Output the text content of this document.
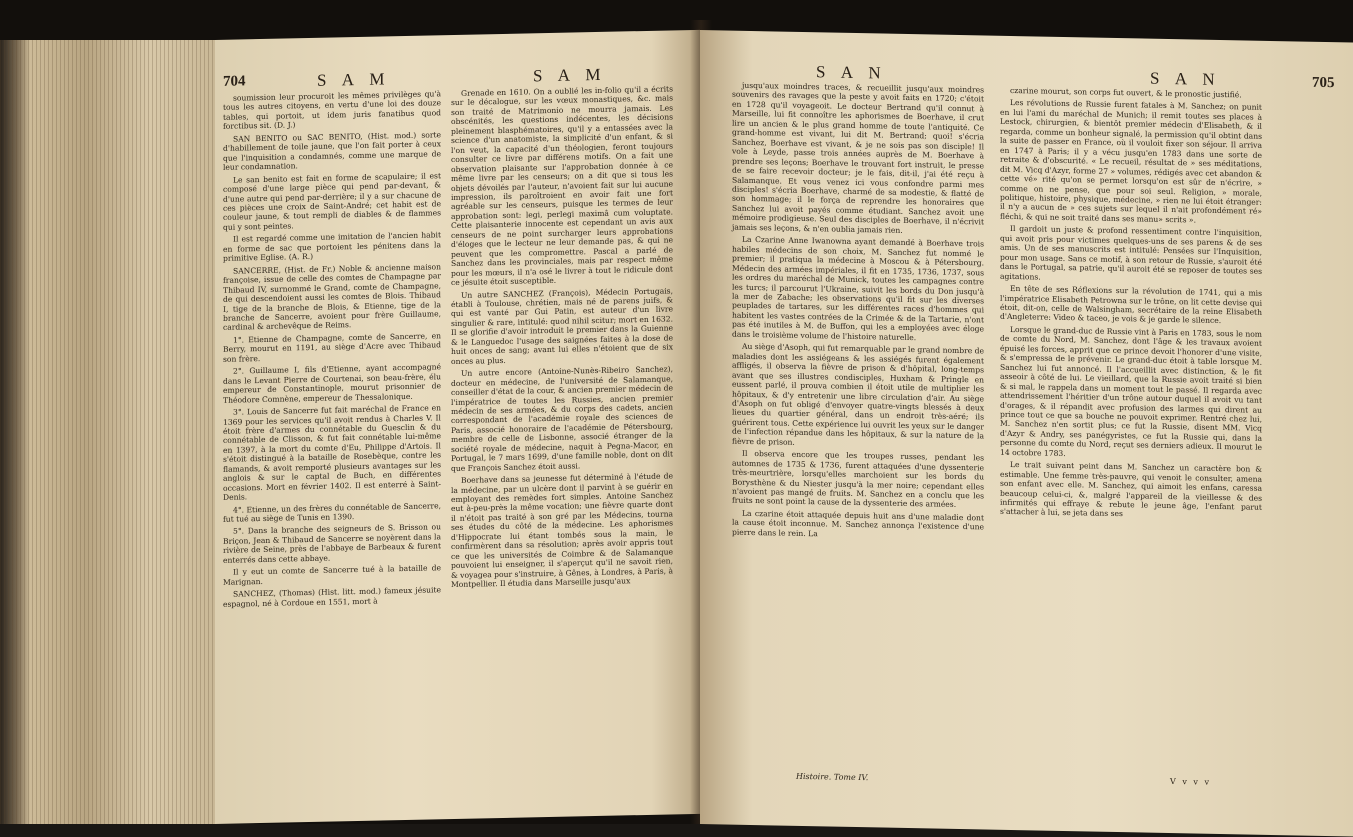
704	S A M	S A M

soumission leur procuroit les mêmes privilèges qu'à tous les autres citoyens, en vertu d'une loi des douze tables, qui portoit, ut idem juris fanatibus quod forctibus sit. (D. J.)

SAN BENITO ou SAC BENITO, (Hist. mod.) sorte d'habillement de toile jaune, que l'on fait porter à ceux que l'inquisition a condamnés, comme une marque de leur condamnation.

Le san benito est fait en forme de scapulaire; il est composé d'une large pièce qui pend par-devant, & d'une autre qui pend par-derrière; il y a sur chacune de ces pièces une croix de Saint-André; cet habit est de couleur jaune, & tout rempli de diables & de flammes qui y sont peintes.

Il est regardé comme une imitation de l'ancien habit en forme de sac que portoient les pénitens dans la primitive Eglise. (A. R.)

SANCERRE, (Hist. de Fr.) Noble & ancienne maison françoise, issue de celle des comtes de Champagne par Thibaud IV, surnommé le Grand, comte de Champagne, de qui descendoient aussi les comtes de Blois. Thibaud I, tige de la branche de Blois, & Etienne, tige de la branche de Sancerre, avoient pour frère Guillaume, cardinal & archevêque de Reims.

1°. Etienne de Champagne, comte de Sancerre, en Berry, mourut en 1191, au siège d'Acre avec Thibaud son frère.

2°. Guillaume I, fils d'Etienne, ayant accompagné dans le Levant Pierre de Courtenai, son beau-frère, élu empereur de Constantinople, mourut prisonnier de Théodore Comnène, empereur de Thessalonique.

3°. Louis de Sancerre fut fait maréchal de France en 1369 pour les services qu'il avoit rendus à Charles V. Il étoit frère d'armes du connétable du Guesclin & du connétable de Clisson, & fut fait connétable lui-même en 1397, à la mort du comte d'Eu, Philippe d'Artois. Il s'étoit distingué à la bataille de Rosebèque, contre les flamands, & avoit remporté plusieurs avantages sur les anglois & sur le captal de Buch, en différentes occasions. Mort en février 1402. Il est enterré à Saint-Denis.

4°. Etienne, un des frères du connétable de Sancerre, fut tué au siège de Tunis en 1390.

5°. Dans la branche des seigneurs de S. Brisson ou Briçon, Jean & Thibaud de Sancerre se noyèrent dans la rivière de Seine, près de l'abbaye de Barbeaux & furent enterrés dans cette abbaye.

Il y eut un comte de Sancerre tué à la bataille de Marignan.

SANCHEZ, (Thomas) (Hist. litt. mod.) fameux jésuite espagnol, né à Cordoue en 1551, mort à

Grenade en 1610. On a oublié les in-folio qu'il a écrits sur le décalogue, sur les vœux monastiques, &c. mais son traité de Matrimonio ne mourra jamais. Les obscénités, les questions indécentes, les décisions pleinement blasphématoires, qu'il y a entassées avec la science d'un anatomiste, la simplicité d'un enfant, & si l'on veut, la capacité d'un théologien, feront toujours consulter ce livre par différens motifs. On a fait une observation plaisante sur l'approbation donnée à ce même livre par les censeurs; on a dit que si tous les objets dévoilés par l'auteur, n'avoient fait sur lui aucune impression, ils paroîtroient en avoir fait une fort agréable sur les censeurs, puisque les termes de leur approbation sont: legi, perlegi maximâ cum voluptate. Cette plaisanterie innocente est cependant un avis aux censeurs de ne point surcharger leurs approbations d'éloges que le lecteur ne leur demande pas, & qui ne peuvent que les compromettre. Pascal a parlé de Sanchez dans les provinciales, mais par respect même pour les mœurs, il n'a osé le livrer à tout le ridicule dont ce jésuite étoit susceptible.

Un autre SANCHEZ (François), Médecin Portugais, établi à Toulouse, chrétien, mais né de parens juifs, & qui est vanté par Gui Patin, est auteur d'un livre singulier & rare, intitulé: quod nihil scitur; mort en 1632. Il se glorifie d'avoir introduit le premier dans la Guienne & le Languedoc l'usage des saignées faites à la dose de huit onces de sang; avant lui elles n'étoient que de six onces au plus.

Un autre encore (Antoine-Nunès-Ribeiro Sanchez), docteur en médecine, de l'université de Salamanque, conseiller d'état de la cour, & ancien premier médecin de l'impératrice de toutes les Russies, ancien premier médecin de ses armées, & du corps des cadets, ancien correspondant de l'académie royale des sciences de Paris, associé honoraire de l'académie de Pétersbourg, membre de celle de Lisbonne, associé étranger de la société royale de médecine, naquit à Pegna-Macor, en Portugal, le 7 mars 1699, d'une famille noble, dont on dit que François Sanchez étoit aussi.

Boerhave dans sa jeunesse fut déterminé à l'étude de la médecine, par un ulcère dont il parvint à se guérir en employant des remèdes fort simples. Antoine Sanchez eut à-peu-près la même vocation; une fièvre quarte dont il n'étoit pas traité à son gré par les Médecins, tourna ses études du côté de la médecine. Les aphorismes d'Hippocrate lui étant tombés sous la main, le confirmèrent dans sa résolution; après avoir appris tout ce que les universités de Coimbre & de Salamanque pouvoient lui enseigner, il s'aperçut qu'il ne savoit rien, & voyagea pour s'instruire, à Gênes, à Londres, à Paris, à Montpellier. Il étudia dans Marseille jusqu'aux

S A N	S A N	705

jusqu'aux moindres traces, & recueillit jusqu'aux moindres souvenirs des ravages que la peste y avoit faits en 1720; c'étoit en 1728 qu'il voyageoit. Le docteur Bertrand qu'il connut à Marseille, lui fit connoître les aphorismes de Boerhave, il crut lire un ancien & le plus grand homme de toute l'antiquité. Ce grand-homme est vivant, lui dit M. Bertrand; quoi! s'écria Sanchez, Boerhave est vivant, & je ne sois pas son disciple! Il vole à Leyde, passe trois années auprès de M. Boerhave à prendre ses leçons; Boerhave le trouvant fort instruit, le presse de se faire recevoir docteur; je le fais, dit-il, j'ai été reçu à Salamanque. Et vous venez ici vous confondre parmi mes disciples! s'écria Boerhave, charmé de sa modestie, & flatté de son hommage; il le força de reprendre les honoraires que Sanchez lui avoit payés comme étudiant. Sanchez avoit une mémoire prodigieuse. Seul des disciples de Boerhave, il n'écrivit jamais ses leçons, & n'en oublia jamais rien.

La Czarine Anne Iwanowna ayant demandé à Boerhave trois habiles médecins de son choix, M. Sanchez fut nommé le premier; il pratiqua la médecine à Moscou & à Pétersbourg. Médecin des armées impériales, il fit en 1735, 1736, 1737, sous les ordres du maréchal de Munick, toutes les campagnes contre les turcs; il parcourut l'Ukraine, suivit les bords du Don jusqu'à la mer de Zabache; les observations qu'il fit sur les diverses peuplades de tartares, sur les différentes races d'hommes qui habitent les vastes contrées de la Crimée & de la Tartarie, n'ont pas été inutiles à M. de Buffon, qui les a employées avec éloge dans le troisième volume de l'histoire naturelle.

Au siège d'Asoph, qui fut remarquable par le grand nombre de maladies dont les assiégeans & les assiégés furent également affligés, il observa la fièvre de prison & d'hôpital, long-temps avant que ses illustres condisciples, Huxham & Pringle en eussent parlé, il prouva combien il étoit utile de multiplier les hôpitaux, & d'y entretenir une libre circulation d'air. Au siège d'Asoph on fut obligé d'envoyer quatre-vingts blessés à deux lieues du quartier général, dans un endroit très-aéré; ils guérirent tous. Cette expérience lui ouvrit les yeux sur le danger de l'infection répandue dans les hôpitaux, & sur la nature de la fièvre de prison.

Il observa encore que les troupes russes, pendant les automnes de 1735 & 1736, furent attaquées d'une dyssenterie très-meurtrière, lorsqu'elles marchoient sur les bords du Borysthène & du Niester jusqu'à la mer noire; cependant elles n'avoient pas mangé de fruits. M. Sanchez en a conclu que les fruits ne sont point la cause de la dyssenterie des armées.

La czarine étoit attaquée depuis huit ans d'une maladie dont la cause étoit inconnue. M. Sanchez annonça l'existence d'une pierre dans le rein. La

czarine mourut, son corps fut ouvert, & le pronostic justifié.

Les révolutions de Russie furent fatales à M. Sanchez; on punit en lui l'ami du maréchal de Munich; il remit toutes ses places à Lestock, chirurgien, & bientôt premier médecin d'Elisabeth, & il regarda, comme un bonheur signalé, la permission qu'il obtint dans la suite de passer en France, où il vouloit fixer son séjour. Il arriva en 1747 à Paris; il y a vécu jusqu'en 1783 dans une sorte de retraite & d'obscurité. « Le recueil, résultat de » ses méditations, dit M. Vicq d'Azyr, forme 27 » volumes, rédigés avec cet abandon & cette vé» rité qu'on se permet lorsqu'on est sûr de n'écrire, » comme on ne pense, que pour soi seul. Religion, » morale, politique, histoire, physique, médecine, » rien ne lui étoit étranger: il n'y a aucun de » ces sujets sur lequel il n'ait profondément ré» fléchi, & qui ne soit traité dans ses manu» scrits ».

Il gardoit un juste & profond ressentiment contre l'inquisition, qui avoit pris pour victimes quelques-uns de ses parens & de ses amis. Un de ses manuscrits est intitulé: Pensées sur l'Inquisition, pour mon usage. Sans ce motif, à son retour de Russie, s'auroit été dans le Portugal, sa patrie, qu'il auroit été se reposer de toutes ses agitations.

En tête de ses Réflexions sur la révolution de 1741, qui a mis l'impératrice Elisabeth Petrowna sur le trône, on lit cette devise qui étoit, dit-on, celle de Walsingham, secrétaire de la reine Elisabeth d'Angleterre: Video & taceo, je vois & je garde le silence.

Lorsque le grand-duc de Russie vint à Paris en 1783, sous le nom de comte du Nord, M. Sanchez, dont l'âge & les travaux avoient épuisé les forces, apprit que ce prince devoit l'honorer d'une visite, & s'empressa de le prévenir. Le grand-duc étoit à table lorsque M. Sanchez lui fut annoncé. Il l'accueillit avec distinction, & le fit asseoir à côté de lui. Le vieillard, que la Russie avoit traité si bien & si mal, le rappela dans un moment tout le passé. Il regarda avec attendrissement l'héritier d'un trône autour duquel il avoit vu tant d'orages, & il répandit avec profusion des larmes qui dirent au prince tout ce que sa bouche ne pouvoit exprimer. Rentré chez lui, M. Sanchez n'en sortit plus; ce fut la Russie, disent MM. Vicq d'Azyr & Andry, ses panégyristes, ce fut la Russie qui, dans la personne du comte du Nord, reçut ses derniers adieux. Il mourut le 14 octobre 1783.

Le trait suivant peint dans M. Sanchez un caractère bon & estimable. Une femme très-pauvre, qui venoit le consulter, amena son enfant avec elle. M. Sanchez, qui aimoit les enfans, caressa beaucoup celui-ci, &, malgré l'appareil de la vieillesse & des infirmités qui effraye & rebute le jeune âge, l'enfant parut s'attacher à lui, se jeta dans ses

Histoire. Tome IV.	V v v v
